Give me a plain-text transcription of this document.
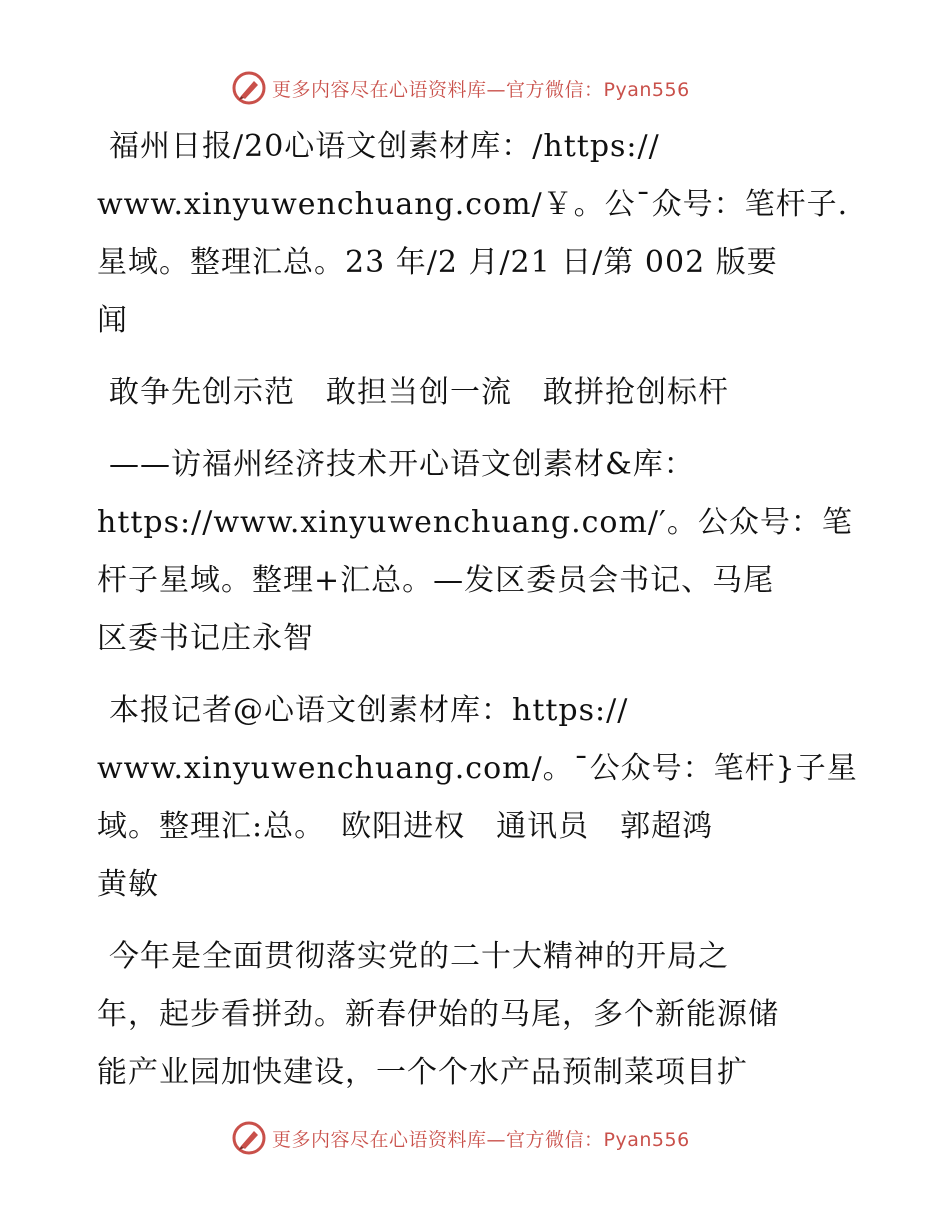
更多内容尽在心语资料库—官方微信：Pyan556
福州日报/20心语文创素材库：/https://
www.xinyuwenchuang.com/￥。公¯众号：笔杆子.
星域。整理汇总。23 年/2 月/21 日/第 002 版要
闻
敢争先创示范　敢担当创一流　敢拼抢创标杆
——访福州经济技术开心语文创素材&库：
https://www.xinyuwenchuang.com/′。公众号：笔
杆子星域。整理+汇总。—发区委员会书记、马尾
区委书记庄永智
本报记者@心语文创素材库：https://
www.xinyuwenchuang.com/。¯公众号：笔杆}子星
域。整理汇:总。　欧阳进权　通讯员　郭超鸿
黄敏
今年是全面贯彻落实党的二十大精神的开局之
年，起步看拼劲。新春伊始的马尾，多个新能源储
能产业园加快建设，一个个水产品预制菜项目扩
更多内容尽在心语资料库—官方微信：Pyan556
